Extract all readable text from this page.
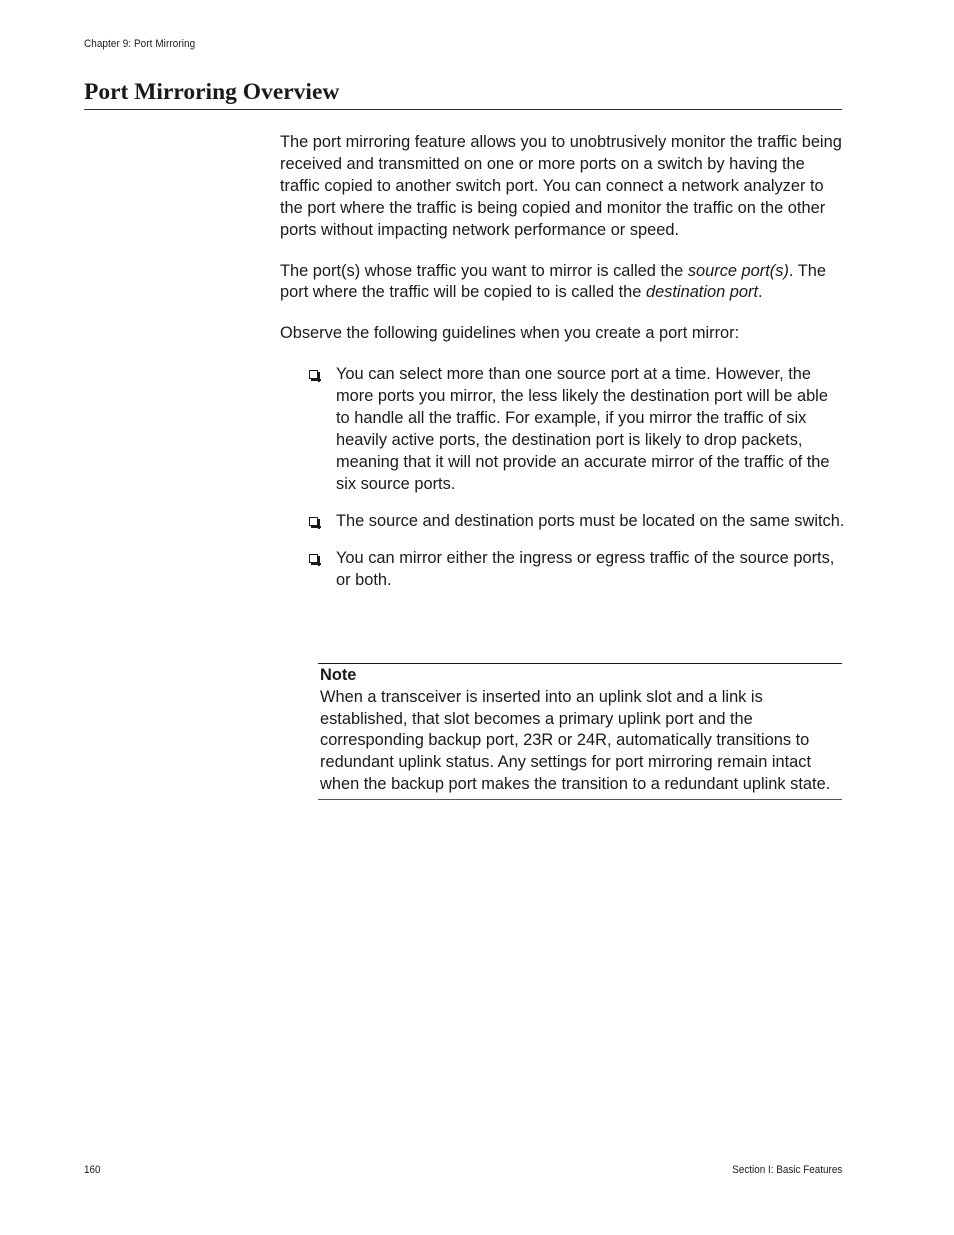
Chapter 9: Port Mirroring
Port Mirroring Overview

The port mirroring feature allows you to unobtrusively monitor the traffic being received and transmitted on one or more ports on a switch by having the traffic copied to another switch port. You can connect a network analyzer to the port where the traffic is being copied and monitor the traffic on the other ports without impacting network performance or speed.

The port(s) whose traffic you want to mirror is called the source port(s). The port where the traffic will be copied to is called the destination port.

Observe the following guidelines when you create a port mirror:

You can select more than one source port at a time. However, the more ports you mirror, the less likely the destination port will be able to handle all the traffic. For example, if you mirror the traffic of six heavily active ports, the destination port is likely to drop packets, meaning that it will not provide an accurate mirror of the traffic of the six source ports.
The source and destination ports must be located on the same switch.
You can mirror either the ingress or egress traffic of the source ports, or both.
Note
When a transceiver is inserted into an uplink slot and a link is established, that slot becomes a primary uplink port and the corresponding backup port, 23R or 24R, automatically transitions to redundant uplink status. Any settings for port mirroring remain intact when the backup port makes the transition to a redundant uplink state.
160	Section I: Basic Features
